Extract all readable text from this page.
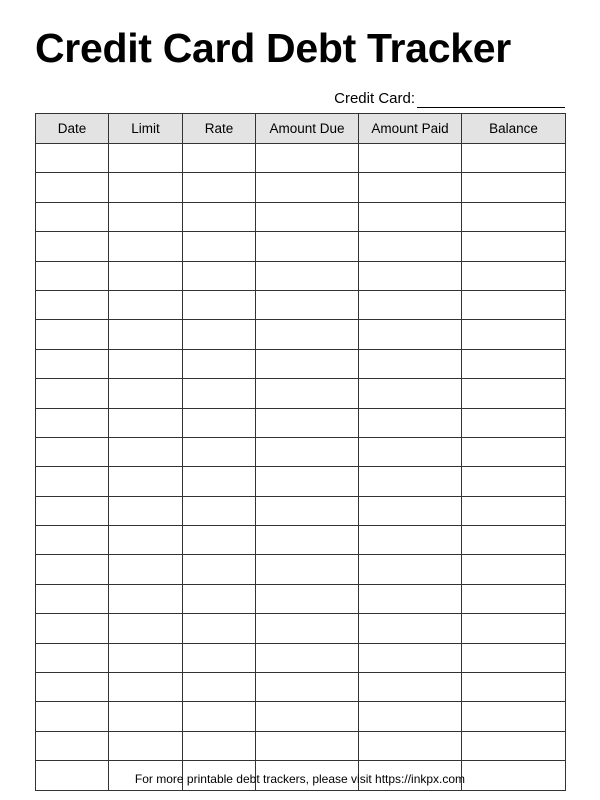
Credit Card Debt Tracker
Credit Card:
Date	Limit	Rate	Amount Due	Amount Paid	Balance

For more printable debt trackers, please visit https://inkpx.com
